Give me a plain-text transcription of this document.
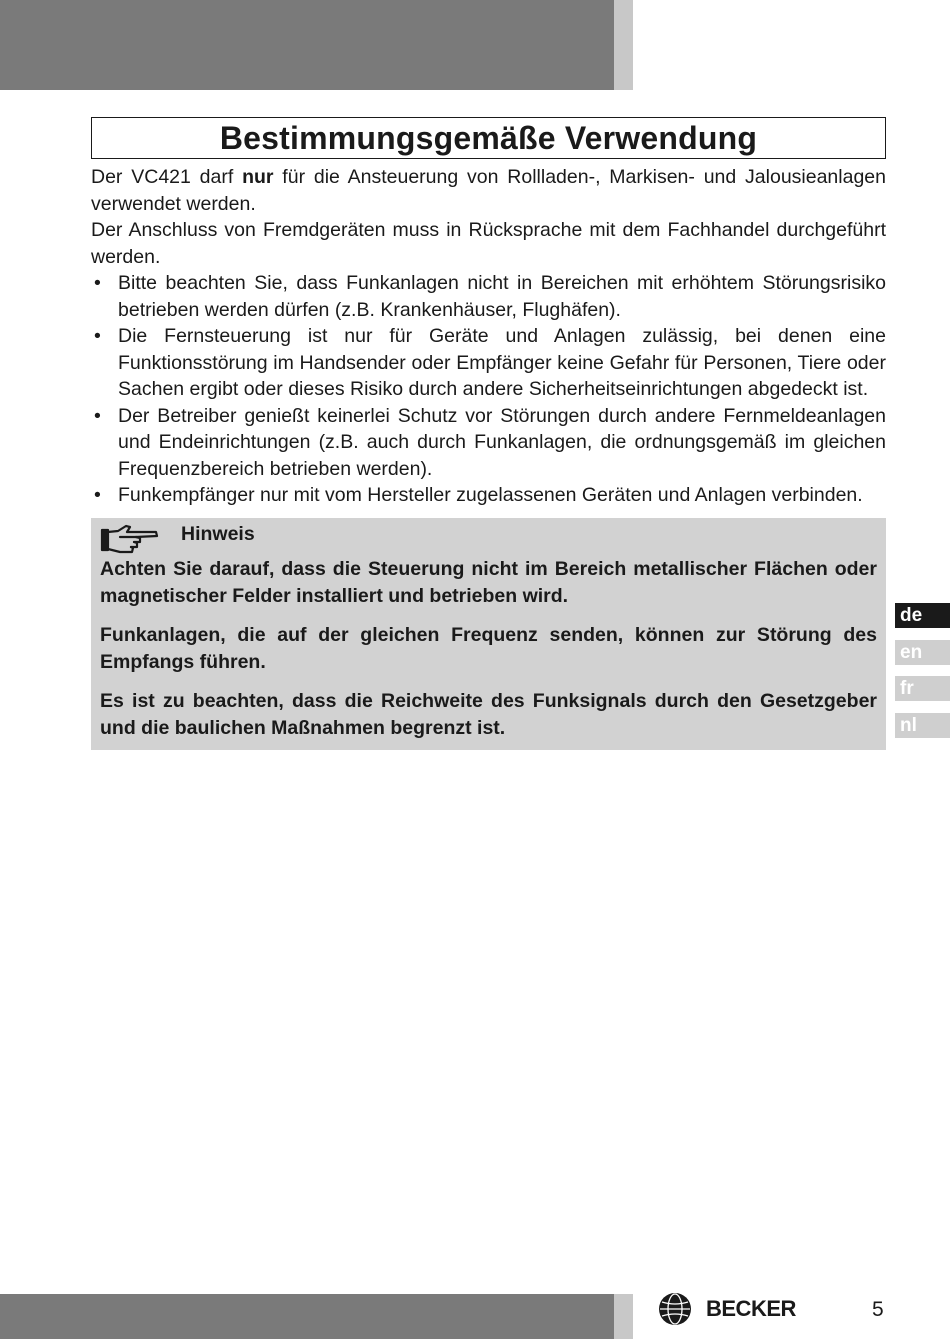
Bestimmungsgemäße Verwendung

Der VC421 darf nur für die Ansteuerung von Rollladen-, Markisen- und Jalousieanlagen verwendet werden.

Der Anschluss von Fremdgeräten muss in Rücksprache mit dem Fachhandel durchgeführt werden.

• Bitte beachten Sie, dass Funkanlagen nicht in Bereichen mit erhöhtem Störungsrisiko betrieben werden dürfen (z.B. Krankenhäuser, Flughäfen).
• Die Fernsteuerung ist nur für Geräte und Anlagen zulässig, bei denen eine Funktionsstörung im Handsender oder Empfänger keine Gefahr für Personen, Tiere oder Sachen ergibt oder dieses Risiko durch andere Sicherheitseinrichtungen abgedeckt ist.
• Der Betreiber genießt keinerlei Schutz vor Störungen durch andere Fernmeldeanlagen und Endeinrichtungen (z.B. auch durch Funkanlagen, die ordnungsgemäß im gleichen Frequenzbereich betrieben werden).
• Funkempfänger nur mit vom Hersteller zugelassenen Geräten und Anlagen verbinden.
Hinweis

Achten Sie darauf, dass die Steuerung nicht im Bereich metallischer Flächen oder magnetischer Felder installiert und betrieben wird.

Funkanlagen, die auf der gleichen Frequenz senden, können zur Störung des Empfangs führen.

Es ist zu beachten, dass die Reichweite des Funksignals durch den Gesetzgeber und die baulichen Maßnahmen begrenzt ist.

de
en
fr
nl
BECKER	5
